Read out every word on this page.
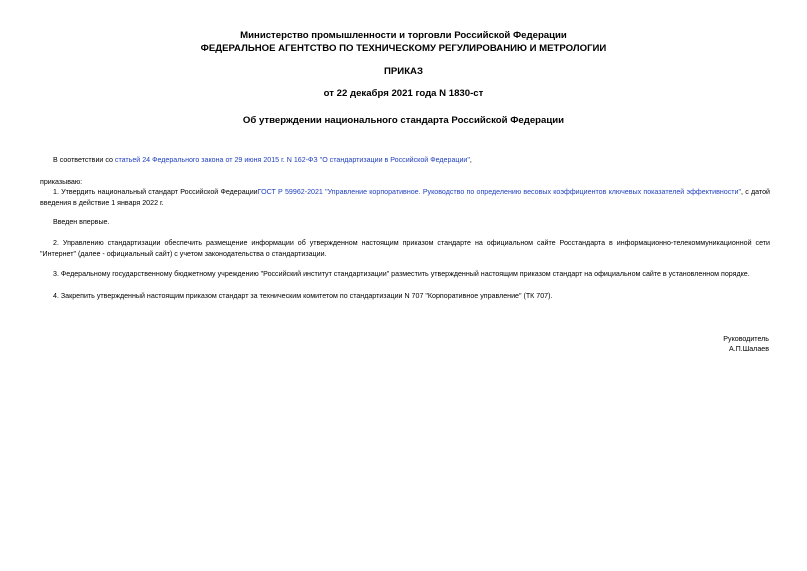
Министерство промышленности и торговли Российской Федерации
ФЕДЕРАЛЬНОЕ АГЕНТСТВО ПО ТЕХНИЧЕСКОМУ РЕГУЛИРОВАНИЮ И МЕТРОЛОГИИ
ПРИКАЗ
от 22 декабря 2021 года N 1830-ст
Об утверждении национального стандарта Российской Федерации
В соответствии со статьей 24 Федерального закона от 29 июня 2015 г. N 162-ФЗ "О стандартизации в Российской Федерации",
приказываю:
1. Утвердить национальный стандарт Российской ФедерацииГОСТ Р 59962-2021 "Управление корпоративное. Руководство по определению весовых коэффициентов ключевых показателей эффективности", с датой введения в действие 1 января 2022 г.
Введен впервые.
2. Управлению стандартизации обеспечить размещение информации об утвержденном настоящим приказом стандарте на официальном сайте Росстандарта в информационно-телекоммуникационной сети "Интернет" (далее - официальный сайт) с учетом законодательства о стандартизации.
3. Федеральному государственному бюджетному учреждению "Российский институт стандартизации" разместить утвержденный настоящим приказом стандарт на официальном сайте в установленном порядке.
4. Закрепить утвержденный настоящим приказом стандарт за техническим комитетом по стандартизации N 707 "Корпоративное управление" (ТК 707).
Руководитель
А.П.Шалаев
